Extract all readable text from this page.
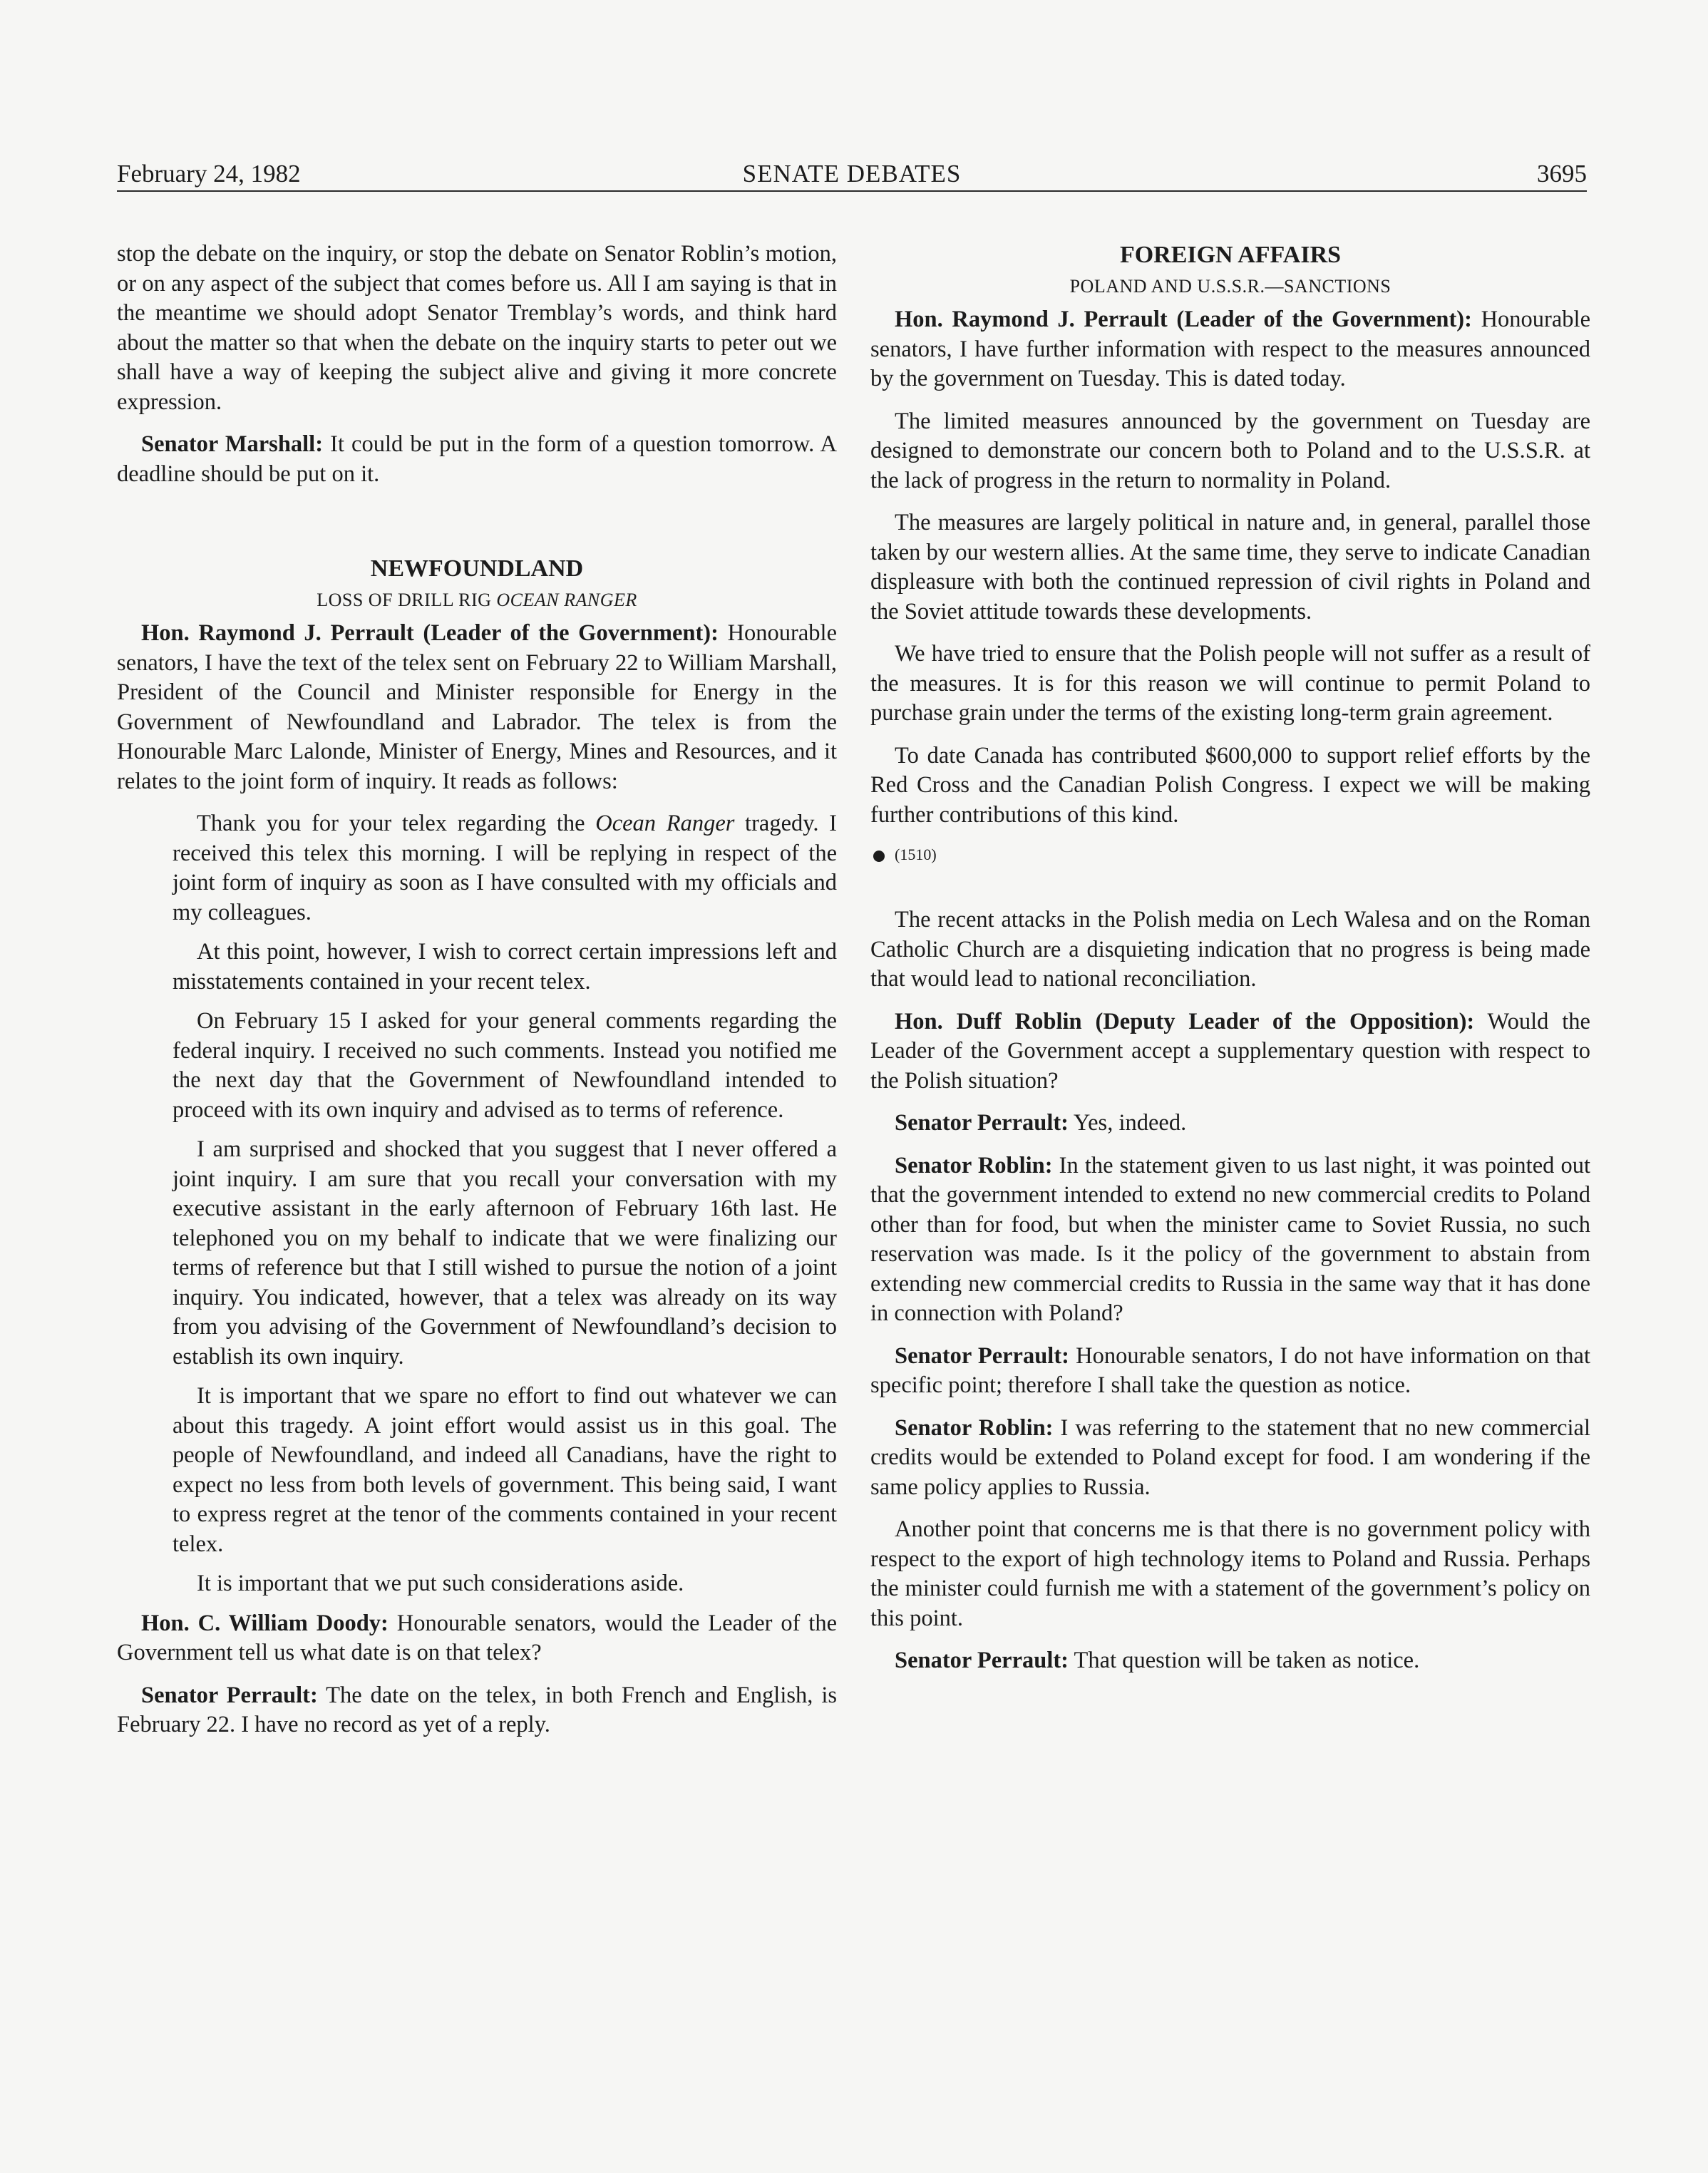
February 24, 1982	SENATE DEBATES	3695

stop the debate on the inquiry, or stop the debate on Senator Roblin’s motion, or on any aspect of the subject that comes before us. All I am saying is that in the meantime we should adopt Senator Tremblay’s words, and think hard about the matter so that when the debate on the inquiry starts to peter out we shall have a way of keeping the subject alive and giving it more concrete expression.

Senator Marshall: It could be put in the form of a question tomorrow. A deadline should be put on it.

NEWFOUNDLAND
LOSS OF DRILL RIG OCEAN RANGER

Hon. Raymond J. Perrault (Leader of the Government): Honourable senators, I have the text of the telex sent on February 22 to William Marshall, President of the Council and Minister responsible for Energy in the Government of Newfoundland and Labrador. The telex is from the Honourable Marc Lalonde, Minister of Energy, Mines and Resources, and it relates to the joint form of inquiry. It reads as follows:

Thank you for your telex regarding the Ocean Ranger tragedy. I received this telex this morning. I will be replying in respect of the joint form of inquiry as soon as I have consulted with my officials and my colleagues.

At this point, however, I wish to correct certain impressions left and misstatements contained in your recent telex.

On February 15 I asked for your general comments regarding the federal inquiry. I received no such comments. Instead you notified me the next day that the Government of Newfoundland intended to proceed with its own inquiry and advised as to terms of reference.

I am surprised and shocked that you suggest that I never offered a joint inquiry. I am sure that you recall your conversation with my executive assistant in the early afternoon of February 16th last. He telephoned you on my behalf to indicate that we were finalizing our terms of reference but that I still wished to pursue the notion of a joint inquiry. You indicated, however, that a telex was already on its way from you advising of the Government of Newfoundland’s decision to establish its own inquiry.

It is important that we spare no effort to find out whatever we can about this tragedy. A joint effort would assist us in this goal. The people of Newfoundland, and indeed all Canadians, have the right to expect no less from both levels of government. This being said, I want to express regret at the tenor of the comments contained in your recent telex.

It is important that we put such considerations aside.

Hon. C. William Doody: Honourable senators, would the Leader of the Government tell us what date is on that telex?

Senator Perrault: The date on the telex, in both French and English, is February 22. I have no record as yet of a reply.

FOREIGN AFFAIRS
POLAND AND U.S.S.R.—SANCTIONS

Hon. Raymond J. Perrault (Leader of the Government): Honourable senators, I have further information with respect to the measures announced by the government on Tuesday. This is dated today.

The limited measures announced by the government on Tuesday are designed to demonstrate our concern both to Poland and to the U.S.S.R. at the lack of progress in the return to normality in Poland.

The measures are largely political in nature and, in general, parallel those taken by our western allies. At the same time, they serve to indicate Canadian displeasure with both the continued repression of civil rights in Poland and the Soviet attitude towards these developments.

We have tried to ensure that the Polish people will not suffer as a result of the measures. It is for this reason we will continue to permit Poland to purchase grain under the terms of the existing long-term grain agreement.

To date Canada has contributed $600,000 to support relief efforts by the Red Cross and the Canadian Polish Congress. I expect we will be making further contributions of this kind.

(1510)

The recent attacks in the Polish media on Lech Walesa and on the Roman Catholic Church are a disquieting indication that no progress is being made that would lead to national reconciliation.

Hon. Duff Roblin (Deputy Leader of the Opposition): Would the Leader of the Government accept a supplementary question with respect to the Polish situation?

Senator Perrault: Yes, indeed.

Senator Roblin: In the statement given to us last night, it was pointed out that the government intended to extend no new commercial credits to Poland other than for food, but when the minister came to Soviet Russia, no such reservation was made. Is it the policy of the government to abstain from extending new commercial credits to Russia in the same way that it has done in connection with Poland?

Senator Perrault: Honourable senators, I do not have information on that specific point; therefore I shall take the question as notice.

Senator Roblin: I was referring to the statement that no new commercial credits would be extended to Poland except for food. I am wondering if the same policy applies to Russia.

Another point that concerns me is that there is no government policy with respect to the export of high technology items to Poland and Russia. Perhaps the minister could furnish me with a statement of the government’s policy on this point.

Senator Perrault: That question will be taken as notice.
